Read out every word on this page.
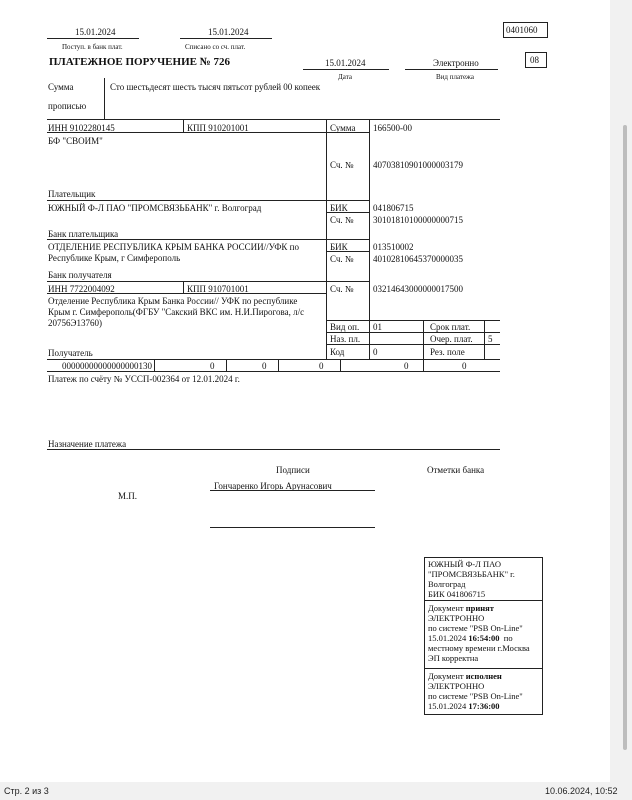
15.01.2024
Поступ. в банк плат.
15.01.2024
Списано со сч. плат.
0401060
ПЛАТЕЖНОЕ ПОРУЧЕНИЕ № 726	15.01.2024
Дата
Электронно
Вид платежа
08
Сумма
прописью
Сто шестьдесят шесть тысяч пятьсот рублей 00 копеек
ИНН 9102280145	КПП 910201001
БФ "СВОИМ"
Плательщик
Сумма 166500-00
Сч. № 40703810901000003179
ЮЖНЫЙ Ф-Л ПАО "ПРОМСВЯЗЬБАНК" г. Волгоград	БИК	041806715
Сч. № 30101810100000000715
Банк плательщика
ОТДЕЛЕНИЕ РЕСПУБЛИКА КРЫМ БАНКА РОССИИ//УФК по
Республике Крым, г Симферополь
БИК	013510002
Сч. № 40102810645370000035
Банк получателя
ИНН 7722004092	КПП 910701001
Отделение Республика Крым Банка России// УФК по республике
Крым г. Симферополь(ФГБУ "Сакский ВКС им. Н.И.Пирогова, л/с
20756Э13760)
Сч. № 03214643000000017500
Получатель
Вид оп. 01	Срок плат.
Наз. пл.	Очер. плат. 5
Код	0	Рез. поле
00000000000000000130	0	0	0	0	0
Платеж по счёту № УССП-002364 от 12.01.2024 г.
Назначение платежа
Подписи	Отметки банка
Гончаренко Игорь Арунасович
М.П.
ЮЖНЫЙ Ф-Л ПАО
"ПРОМСВЯЗЬБАНК" г.
Волгоград
БИК 041806715
Документ принят
ЭЛЕКТРОННО
по системе "PSB On-Line"
15.01.2024 16:54:00  по
местному времени г.Москва
ЭП корректна
Документ исполнен
ЭЛЕКТРОННО
по системе "PSB On-Line"
15.01.2024 17:36:00
Стр. 2 из 3	10.06.2024, 10:52
